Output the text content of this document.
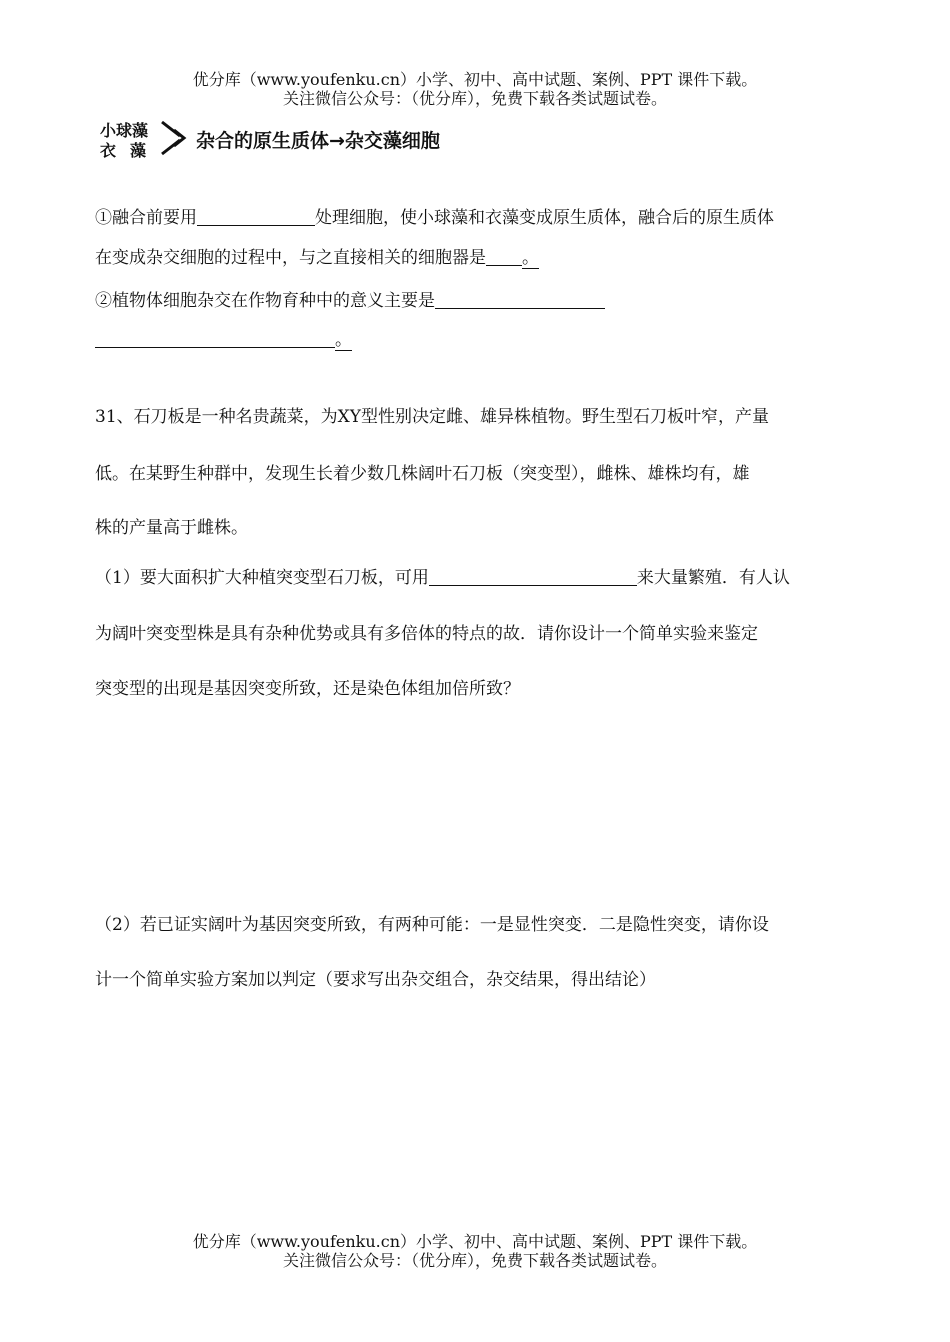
优分库（www.youfenku.cn）小学、初中、高中试题、案例、PPT 课件下载。
关注微信公众号：（优分库），免费下载各类试题试卷。
小球藻
衣藻 杂合的原生质体→杂交藻细胞
①融合前要用	处理细胞，使小球藻和衣藻变成原生质体，融合后的原生质体
在变成杂交细胞的过程中，与之直接相关的细胞器是 。
②植物体细胞杂交在作物育种中的意义主要是
。
31、石刀板是一种名贵蔬菜，为XY型性别决定雌、雄异株植物。野生型石刀板叶窄，产量
低。在某野生种群中，发现生长着少数几株阔叶石刀板（突变型），雌株、雄株均有，雄
株的产量高于雌株。
（1）要大面积扩大种植突变型石刀板，可用	来大量繁殖．有人认
为阔叶突变型株是具有杂种优势或具有多倍体的特点的故．请你设计一个简单实验来鉴定
突变型的出现是基因突变所致，还是染色体组加倍所致？
（2）若已证实阔叶为基因突变所致，有两种可能：一是显性突变．二是隐性突变，请你设
计一个简单实验方案加以判定（要求写出杂交组合，杂交结果，得出结论）
优分库（www.youfenku.cn）小学、初中、高中试题、案例、PPT 课件下载。
关注微信公众号：（优分库），免费下载各类试题试卷。
